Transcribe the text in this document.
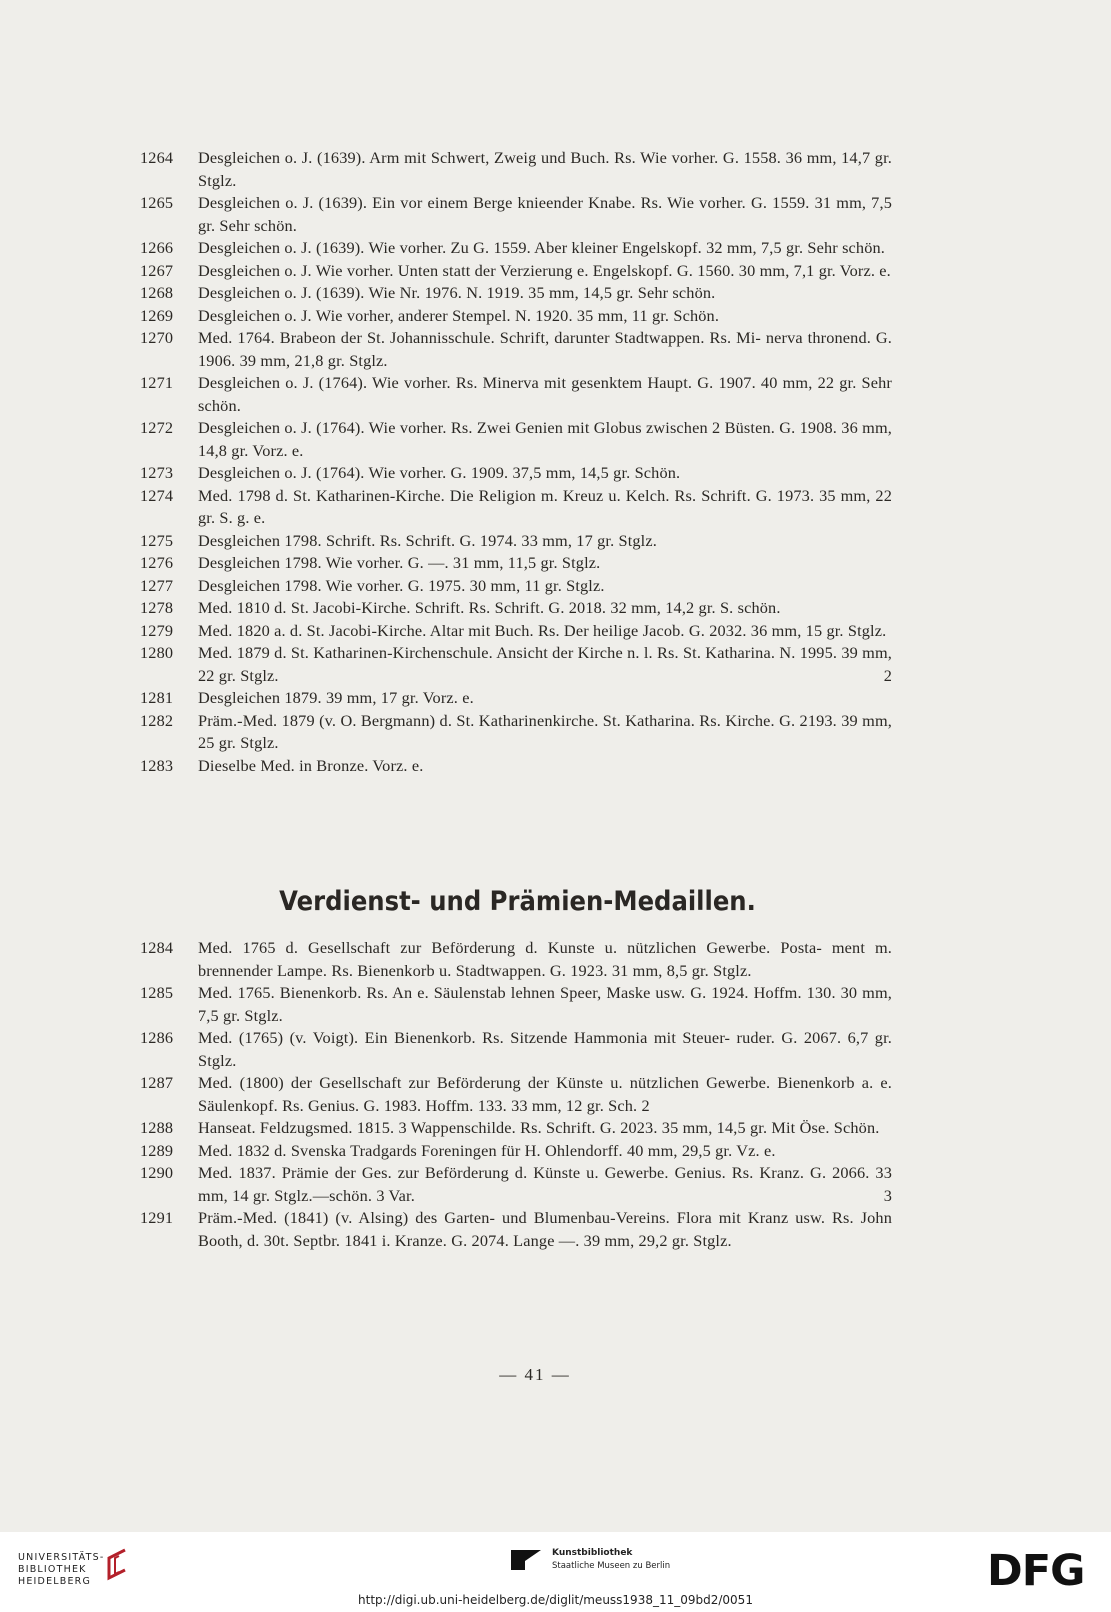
1264	Desgleichen o. J. (1639). Arm mit Schwert, Zweig und Buch. Rs. Wie vorher. G. 1558. 36 mm, 14,7 gr. Stglz.
1265	Desgleichen o. J. (1639). Ein vor einem Berge knieender Knabe. Rs. Wie vorher. G. 1559. 31 mm, 7,5 gr. Sehr schön.
1266	Desgleichen o. J. (1639). Wie vorher. Zu G. 1559. Aber kleiner Engelskopf. 32 mm, 7,5 gr. Sehr schön.
1267	Desgleichen o. J. Wie vorher. Unten statt der Verzierung e. Engelskopf. G. 1560. 30 mm, 7,1 gr. Vorz. e.
1268	Desgleichen o. J. (1639). Wie Nr. 1976. N. 1919. 35 mm, 14,5 gr. Sehr schön.
1269	Desgleichen o. J. Wie vorher, anderer Stempel. N. 1920. 35 mm, 11 gr. Schön.
1270	Med. 1764. Brabeon der St. Johannisschule. Schrift, darunter Stadtwappen. Rs. Mi- nerva thronend. G. 1906. 39 mm, 21,8 gr. Stglz.
1271	Desgleichen o. J. (1764). Wie vorher. Rs. Minerva mit gesenktem Haupt. G. 1907. 40 mm, 22 gr. Sehr schön.
1272	Desgleichen o. J. (1764). Wie vorher. Rs. Zwei Genien mit Globus zwischen 2 Büsten. G. 1908. 36 mm, 14,8 gr. Vorz. e.
1273	Desgleichen o. J. (1764). Wie vorher. G. 1909. 37,5 mm, 14,5 gr. Schön.
1274	Med. 1798 d. St. Katharinen-Kirche. Die Religion m. Kreuz u. Kelch. Rs. Schrift. G. 1973. 35 mm, 22 gr. S. g. e.
1275	Desgleichen 1798. Schrift. Rs. Schrift. G. 1974. 33 mm, 17 gr. Stglz.
1276	Desgleichen 1798. Wie vorher. G. —. 31 mm, 11,5 gr. Stglz.
1277	Desgleichen 1798. Wie vorher. G. 1975. 30 mm, 11 gr. Stglz.
1278	Med. 1810 d. St. Jacobi-Kirche. Schrift. Rs. Schrift. G. 2018. 32 mm, 14,2 gr. S. schön.
1279	Med. 1820 a. d. St. Jacobi-Kirche. Altar mit Buch. Rs. Der heilige Jacob. G. 2032. 36 mm, 15 gr. Stglz.
1280	Med. 1879 d. St. Katharinen-Kirchenschule. Ansicht der Kirche n. l. Rs. St. Katharina. N. 1995. 39 mm, 22 gr. Stglz.	2
1281	Desgleichen 1879. 39 mm, 17 gr. Vorz. e.
1282	Präm.-Med. 1879 (v. O. Bergmann) d. St. Katharinenkirche. St. Katharina. Rs. Kirche. G. 2193. 39 mm, 25 gr. Stglz.
1283	Dieselbe Med. in Bronze. Vorz. e.
Verdienst- und Prämien-Medaillen.
1284	Med. 1765 d. Gesellschaft zur Beförderung d. Kunste u. nützlichen Gewerbe. Posta- ment m. brennender Lampe. Rs. Bienenkorb u. Stadtwappen. G. 1923. 31 mm, 8,5 gr. Stglz.
1285	Med. 1765. Bienenkorb. Rs. An e. Säulenstab lehnen Speer, Maske usw. G. 1924. Hoffm. 130. 30 mm, 7,5 gr. Stglz.
1286	Med. (1765) (v. Voigt). Ein Bienenkorb. Rs. Sitzende Hammonia mit Steuer- ruder. G. 2067. 6,7 gr. Stglz.
1287	Med. (1800) der Gesellschaft zur Beförderung der Künste u. nützlichen Gewerbe. Bienenkorb a. e. Säulenkopf. Rs. Genius. G. 1983. Hoffm. 133. 33 mm, 12 gr. Sch. 2
1288	Hanseat. Feldzugsmed. 1815. 3 Wappenschilde. Rs. Schrift. G. 2023. 35 mm, 14,5 gr. Mit Öse. Schön.
1289	Med. 1832 d. Svenska Tradgards Foreningen für H. Ohlendorff. 40 mm, 29,5 gr. Vz. e.
1290	Med. 1837. Prämie der Ges. zur Beförderung d. Künste u. Gewerbe. Genius. Rs. Kranz. G. 2066. 33 mm, 14 gr. Stglz.—schön. 3 Var.	3
1291	Präm.-Med. (1841) (v. Alsing) des Garten- und Blumenbau-Vereins. Flora mit Kranz usw. Rs. John Booth, d. 30t. Septbr. 1841 i. Kranze. G. 2074. Lange —. 39 mm, 29,2 gr. Stglz.
— 41 —
UNIVERSITÄTS-
BIBLIOTHEK
HEIDELBERG
Kunstbibliothek
Staatliche Museen zu Berlin	DFG
http://digi.ub.uni-heidelberg.de/diglit/meuss1938_11_09bd2/0051
